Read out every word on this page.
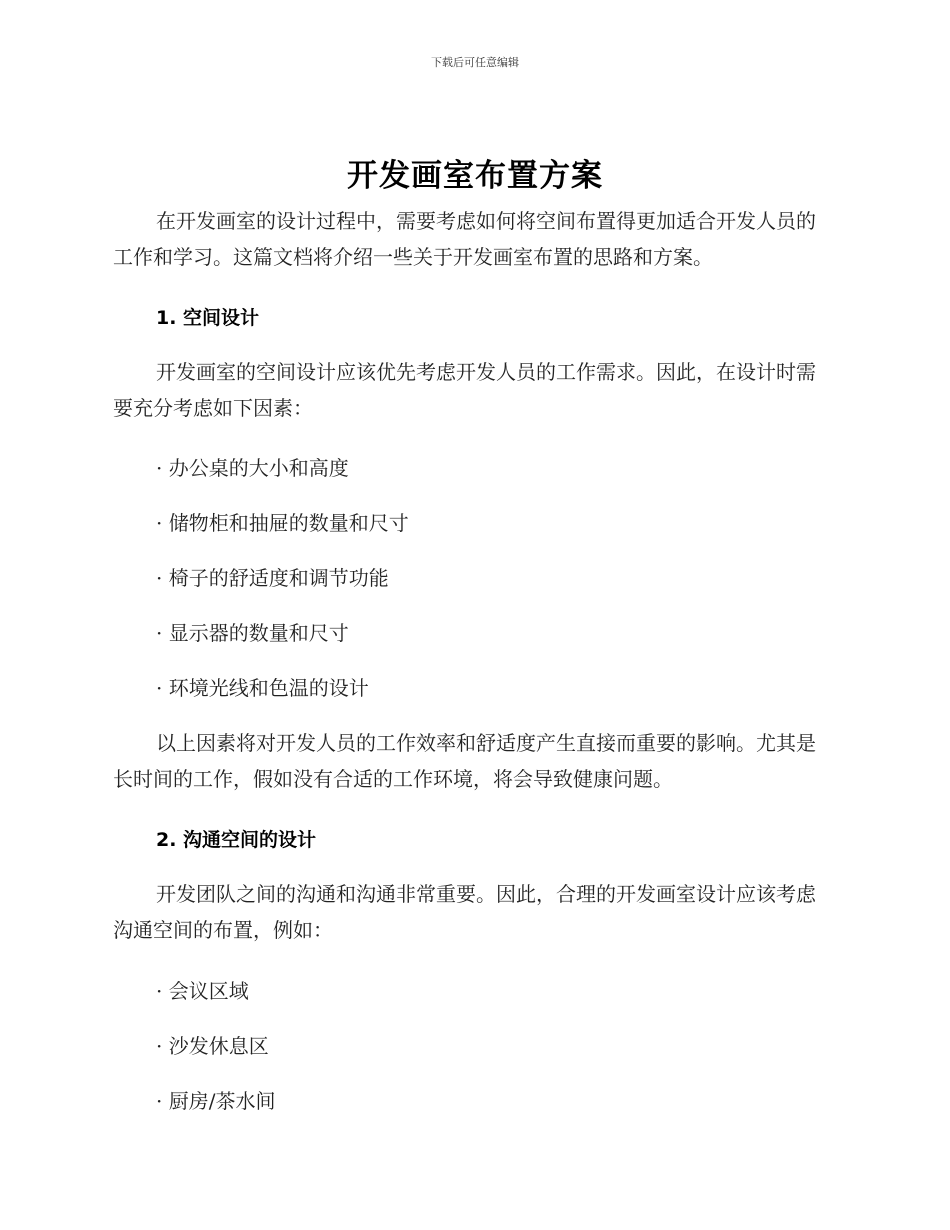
下载后可任意编辑
开发画室布置方案
在开发画室的设计过程中，需要考虑如何将空间布置得更加适合开发人员的工作和学习。这篇文档将介绍一些关于开发画室布置的思路和方案。
1. 空间设计
开发画室的空间设计应该优先考虑开发人员的工作需求。因此，在设计时需要充分考虑如下因素：
· 办公桌的大小和高度
· 储物柜和抽屉的数量和尺寸
· 椅子的舒适度和调节功能
· 显示器的数量和尺寸
· 环境光线和色温的设计
以上因素将对开发人员的工作效率和舒适度产生直接而重要的影响。尤其是长时间的工作，假如没有合适的工作环境，将会导致健康问题。
2. 沟通空间的设计
开发团队之间的沟通和沟通非常重要。因此，合理的开发画室设计应该考虑沟通空间的布置，例如：
· 会议区域
· 沙发休息区
· 厨房/茶水间
